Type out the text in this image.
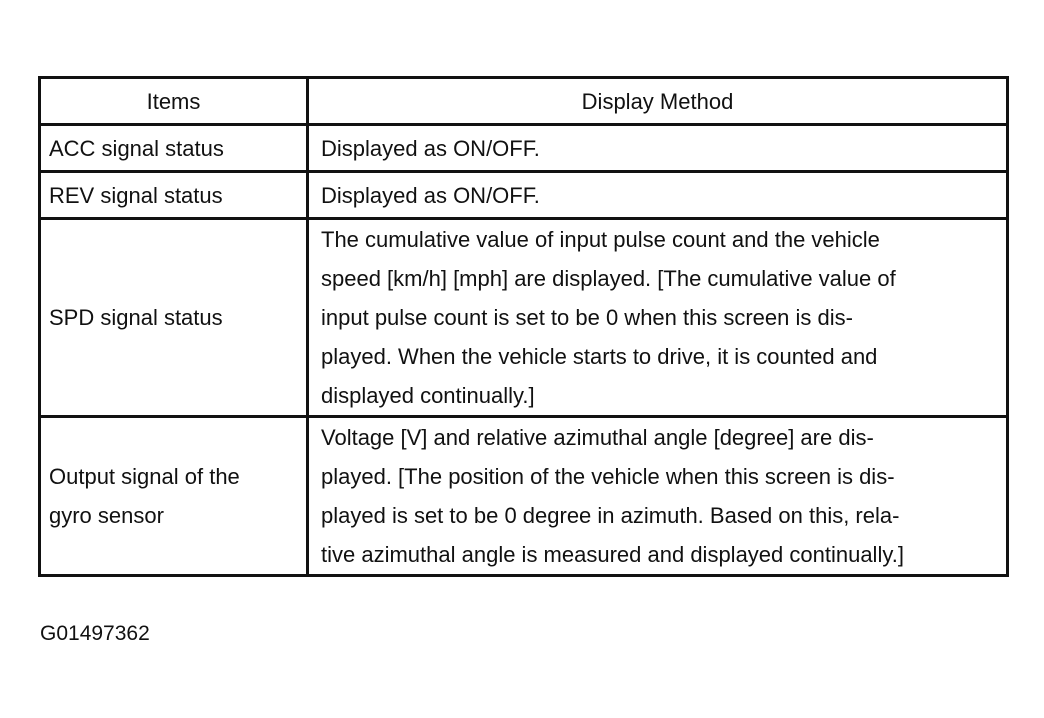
Items	Display Method

ACC signal status	Displayed as ON/OFF.

REV signal status	Displayed as ON/OFF.

SPD signal status	The cumulative value of input pulse count and the vehicle
speed [km/h] [mph] are displayed. [The cumulative value of
input pulse count is set to be 0 when this screen is dis-
played. When the vehicle starts to drive, it is counted and
displayed continually.]

Output signal of the
gyro sensor	Voltage [V] and relative azimuthal angle [degree] are dis-
played. [The position of the vehicle when this screen is dis-
played is set to be 0 degree in azimuth. Based on this, rela-
tive azimuthal angle is measured and displayed continually.]
G01497362
